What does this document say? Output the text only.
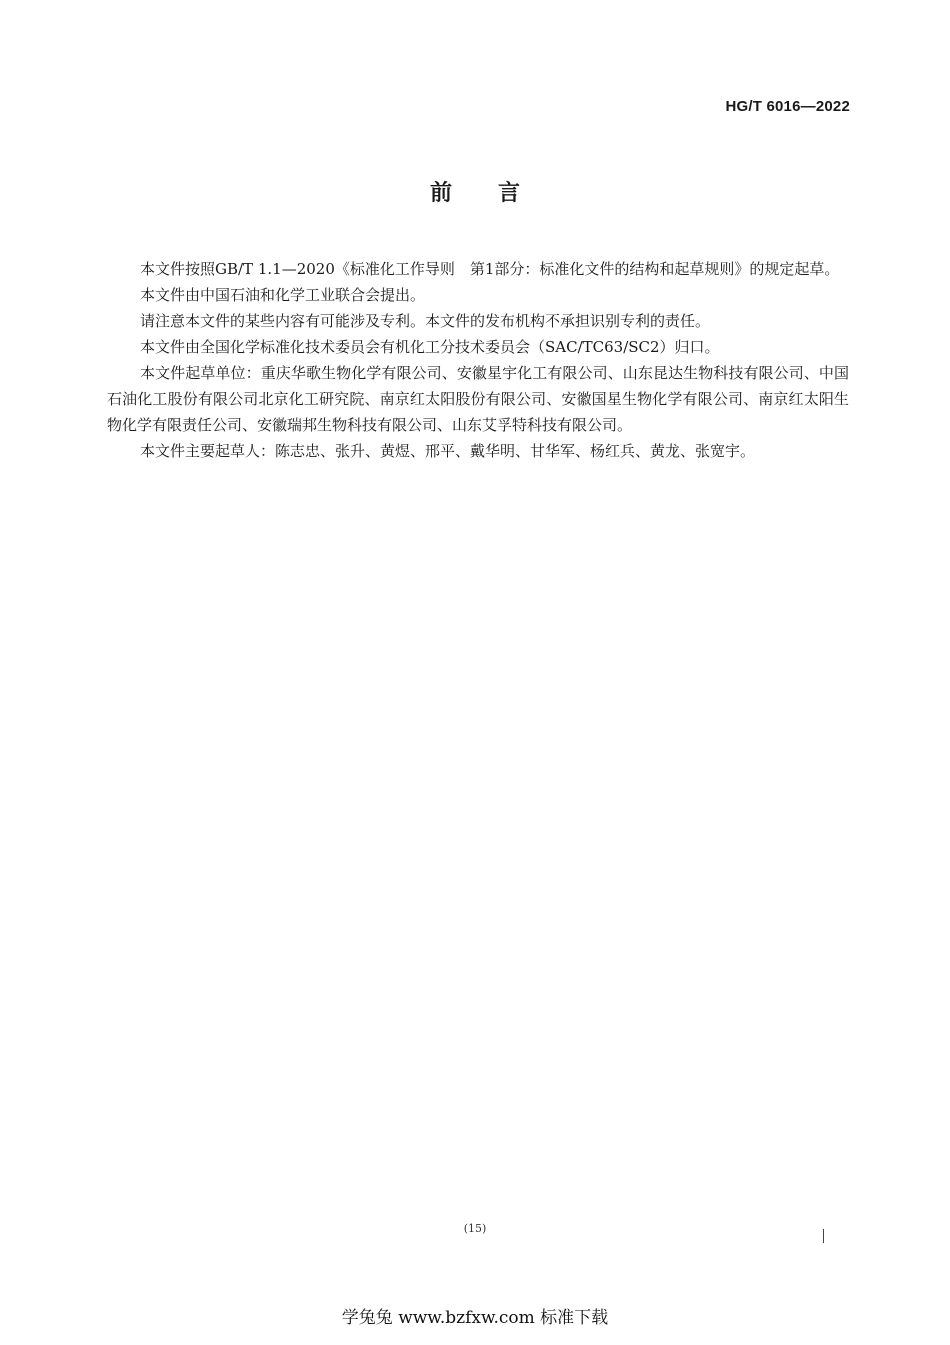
HG/T 6016—2022
前言

本文件按照GB/T 1.1—2020《标准化工作导则　第1部分：标准化文件的结构和起草规则》的规定起草。

本文件由中国石油和化学工业联合会提出。

请注意本文件的某些内容有可能涉及专利。本文件的发布机构不承担识别专利的责任。

本文件由全国化学标准化技术委员会有机化工分技术委员会（SAC/TC63/SC2）归口。

本文件起草单位：重庆华歌生物化学有限公司、安徽星宇化工有限公司、山东昆达生物科技有限公司、中国石油化工股份有限公司北京化工研究院、南京红太阳股份有限公司、安徽国星生物化学有限公司、南京红太阳生物化学有限责任公司、安徽瑞邦生物科技有限公司、山东艾孚特科技有限公司。

本文件主要起草人：陈志忠、张升、黄煜、邢平、戴华明、甘华军、杨红兵、黄龙、张宽宇。

(15)
学兔兔 www.bzfxw.com 标准下载
